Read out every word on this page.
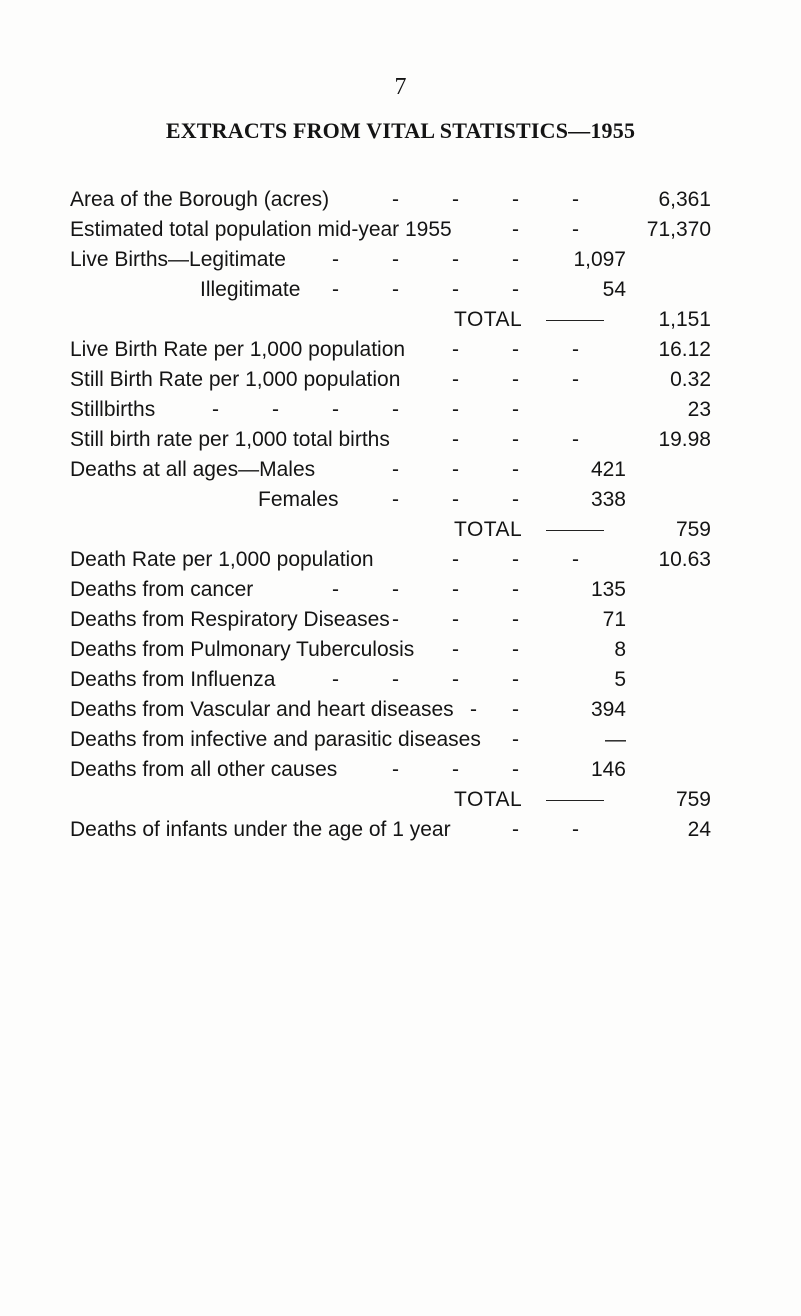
7
EXTRACTS FROM VITAL STATISTICS—1955
Area of the Borough (acres)	-	-	-	-	6,361
Estimated total population mid-year 1955	-	-	71,370
Live Births—Legitimate -	-	-	-	1,097
Illegitimate -	-	-	-	54
TOTAL	1,151
Live Birth Rate per 1,000 population -	-	-	16.12
Still Birth Rate per 1,000 population -	-	-	0.32
Stillbirths	-	-	-	-	-	-	23
Still birth rate per 1,000 total births	-	-	-	19.98
Deaths at all ages—Males	-	-	-	421
Females	-	-	-	338
TOTAL	759
Death Rate per 1,000 population	-	-	-	10.63
Deaths from cancer	-	-	-	-	135
Deaths from Respiratory Diseases -	-	-	71
Deaths from Pulmonary Tuberculosis -	-	8
Deaths from Influenza	-	-	-	-	5
Deaths from Vascular and heart diseases - -	394
Deaths from infective and parasitic diseases -	—
Deaths from all other causes	-	-	-	146
TOTAL	759
Deaths of infants under the age of 1 year	-	-	24
